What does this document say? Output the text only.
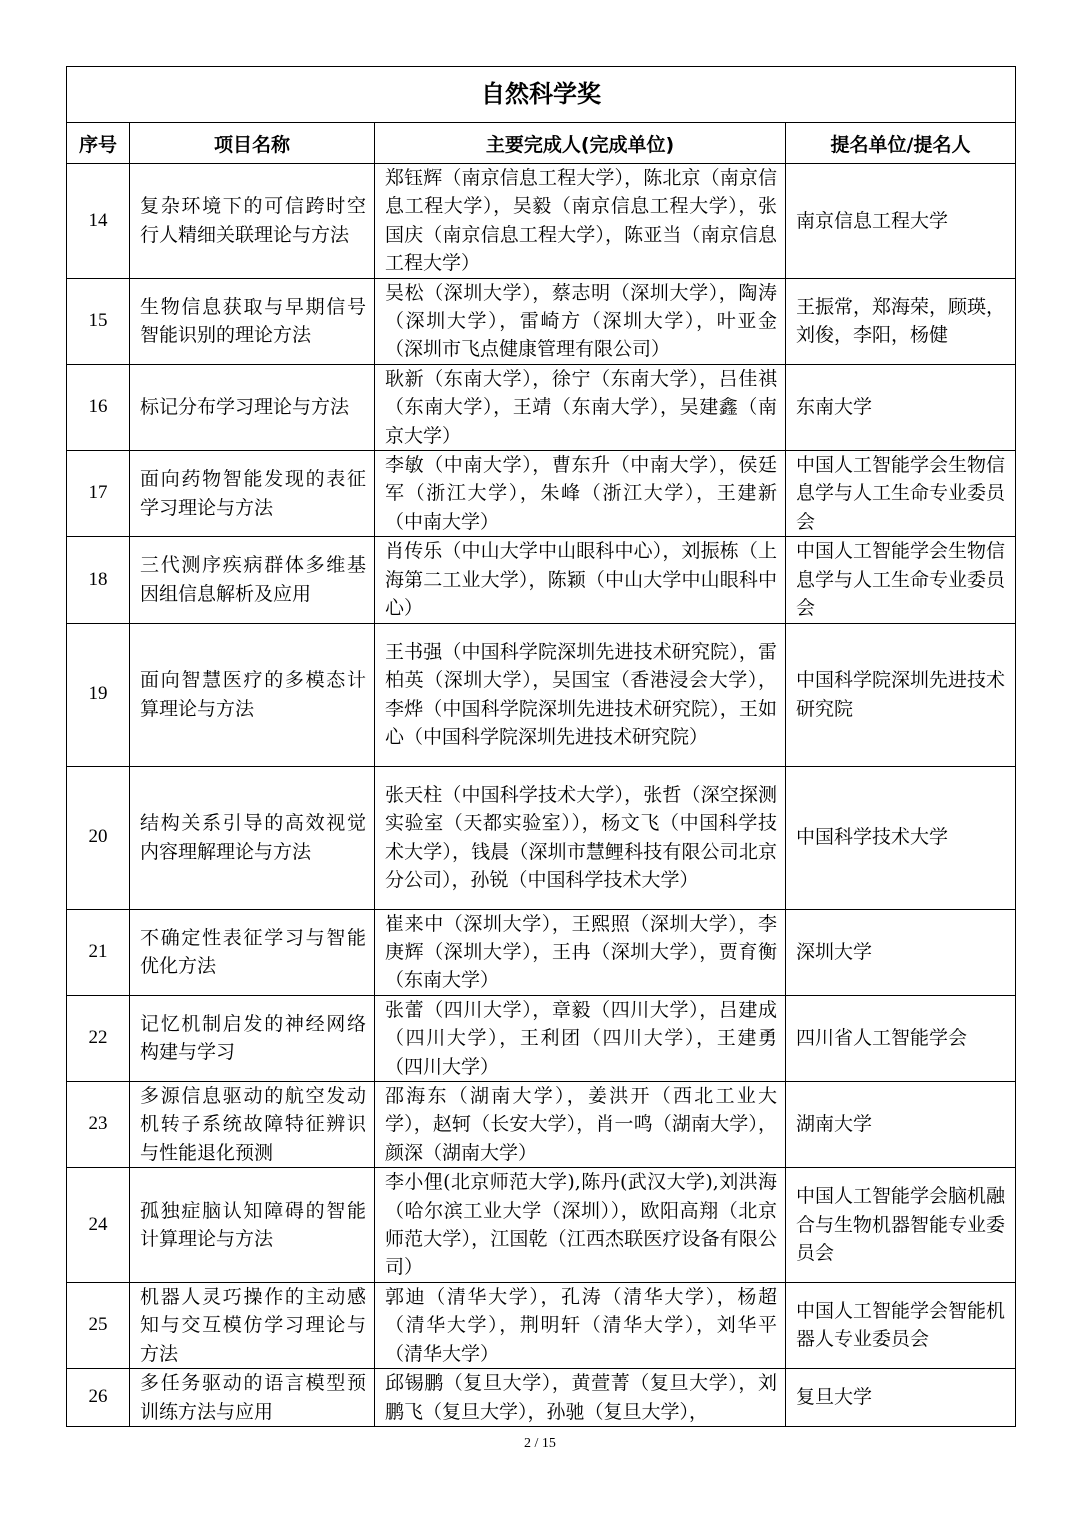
自然科学奖			
序号	项目名称	主要完成人(完成单位)	提名单位/提名人
14	复杂环境下的可信跨时空行人精细关联理论与方法	郑钰辉（南京信息工程大学），陈北京（南京信息工程大学），吴毅（南京信息工程大学），张国庆（南京信息工程大学），陈亚当（南京信息工程大学）	南京信息工程大学
15	生物信息获取与早期信号智能识别的理论方法	吴松（深圳大学），蔡志明（深圳大学），陶涛（深圳大学），雷崎方（深圳大学），叶亚金（深圳市飞点健康管理有限公司）	王振常，郑海荣，顾瑛，刘俊，李阳，杨健
16	标记分布学习理论与方法	耿新（东南大学），徐宁（东南大学），吕佳祺（东南大学），王靖（东南大学），吴建鑫（南京大学）	东南大学
17	面向药物智能发现的表征学习理论与方法	李敏（中南大学），曹东升（中南大学），侯廷军（浙江大学），朱峰（浙江大学），王建新（中南大学）	中国人工智能学会生物信息学与人工生命专业委员会
18	三代测序疾病群体多维基因组信息解析及应用	肖传乐（中山大学中山眼科中心），刘振栋（上海第二工业大学），陈颖（中山大学中山眼科中心）	中国人工智能学会生物信息学与人工生命专业委员会
19	面向智慧医疗的多模态计算理论与方法	王书强（中国科学院深圳先进技术研究院），雷柏英（深圳大学），吴国宝（香港浸会大学），李烨（中国科学院深圳先进技术研究院），王如心（中国科学院深圳先进技术研究院）	中国科学院深圳先进技术研究院
20	结构关系引导的高效视觉内容理解理论与方法	张天柱（中国科学技术大学），张哲（深空探测实验室（天都实验室）），杨文飞（中国科学技术大学），钱晨（深圳市慧鲤科技有限公司北京分公司），孙锐（中国科学技术大学）	中国科学技术大学
21	不确定性表征学习与智能优化方法	崔来中（深圳大学），王熙照（深圳大学），李庚辉（深圳大学），王冉（深圳大学），贾育衡（东南大学）	深圳大学
22	记忆机制启发的神经网络构建与学习	张蕾（四川大学），章毅（四川大学），吕建成（四川大学），王利团（四川大学），王建勇（四川大学）	四川省人工智能学会
23	多源信息驱动的航空发动机转子系统故障特征辨识与性能退化预测	邵海东（湖南大学），姜洪开（西北工业大学），赵轲（长安大学），肖一鸣（湖南大学），颜深（湖南大学）	湖南大学
24	孤独症脑认知障碍的智能计算理论与方法	李小俚(北京师范大学),陈丹(武汉大学),刘洪海（哈尔滨工业大学（深圳）），欧阳高翔（北京师范大学），江国乾（江西杰联医疗设备有限公司）	中国人工智能学会脑机融合与生物机器智能专业委员会
25	机器人灵巧操作的主动感知与交互模仿学习理论与方法	郭迪（清华大学），孔涛（清华大学），杨超（清华大学），荆明轩（清华大学），刘华平（清华大学）	中国人工智能学会智能机器人专业委员会
26	多任务驱动的语言模型预训练方法与应用	邱锡鹏（复旦大学），黄萱菁（复旦大学），刘鹏飞（复旦大学），孙驰（复旦大学），	复旦大学
2 / 15
